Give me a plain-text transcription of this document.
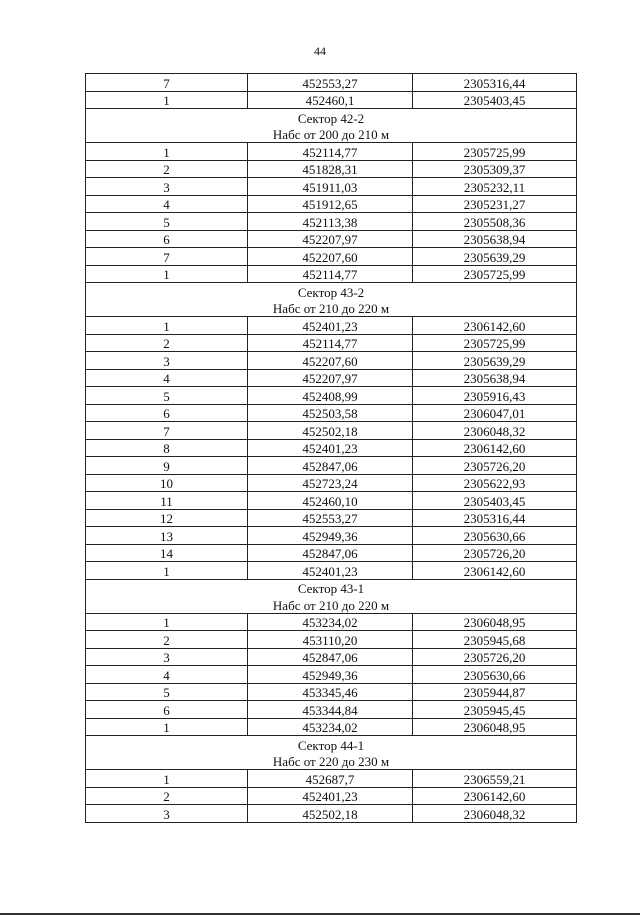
44
7	452553,27	2305316,44
1	452460,1	2305403,45
Сектор 42-2		
Набс от 200 до 210 м		
1	452114,77	2305725,99
2	451828,31	2305309,37
3	451911,03	2305232,11
4	451912,65	2305231,27
5	452113,38	2305508,36
6	452207,97	2305638,94
7	452207,60	2305639,29
1	452114,77	2305725,99
Сектор 43-2		
Набс от 210 до 220 м		
1	452401,23	2306142,60
2	452114,77	2305725,99
3	452207,60	2305639,29
4	452207,97	2305638,94
5	452408,99	2305916,43
6	452503,58	2306047,01
7	452502,18	2306048,32
8	452401,23	2306142,60
9	452847,06	2305726,20
10	452723,24	2305622,93
11	452460,10	2305403,45
12	452553,27	2305316,44
13	452949,36	2305630,66
14	452847,06	2305726,20
1	452401,23	2306142,60
Сектор 43-1		
Набс от 210 до 220 м		
1	453234,02	2306048,95
2	453110,20	2305945,68
3	452847,06	2305726,20
4	452949,36	2305630,66
5	453345,46	2305944,87
6	453344,84	2305945,45
1	453234,02	2306048,95
Сектор 44-1		
Набс от 220 до 230 м		
1	452687,7	2306559,21
2	452401,23	2306142,60
3	452502,18	2306048,32
